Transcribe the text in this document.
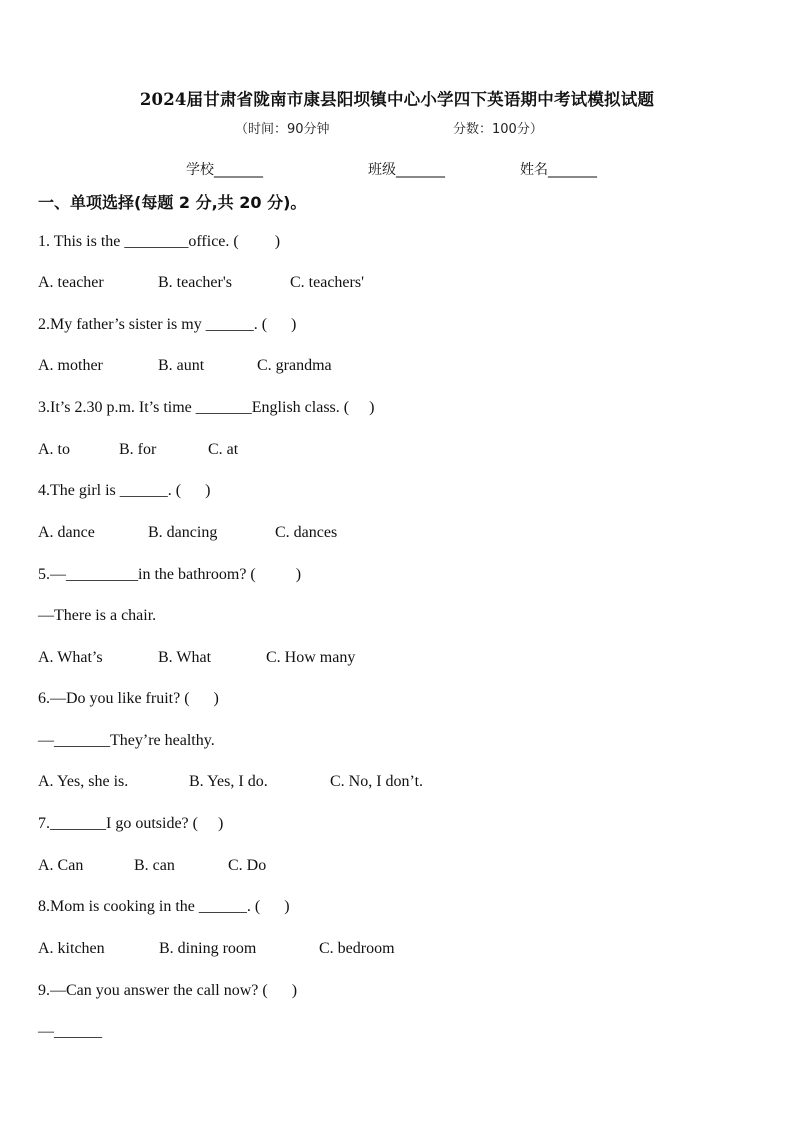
2024届甘肃省陇南市康县阳坝镇中心小学四下英语期中考试模拟试题
（时间：90分钟	分数：100分）
学校_______	班级_______	姓名_______
一、单项选择(每题 2 分,共 20 分)。
1. This is the ________office. (         )
A. teacher	B. teacher's	C. teachers'
2.My father’s sister is my ______. (      )
A. mother	B. aunt	C. grandma
3.It’s 2.30 p.m. It’s time _______English class. (     )
A. to	B. for	C. at
4.The girl is ______. (      )
A. dance	B. dancing	C. dances
5.—_________in the bathroom? (          )
—There is a chair.
A. What’s	B. What	C. How many
6.—Do you like fruit? (      )
—_______They’re healthy.
A. Yes, she is.	B. Yes, I do.	C. No, I don’t.
7._______I go outside? (     )
A. Can	B. can	C. Do
8.Mom is cooking in the ______. (      )
A. kitchen	B. dining room	C. bedroom
9.—Can you answer the call now? (      )
—______
